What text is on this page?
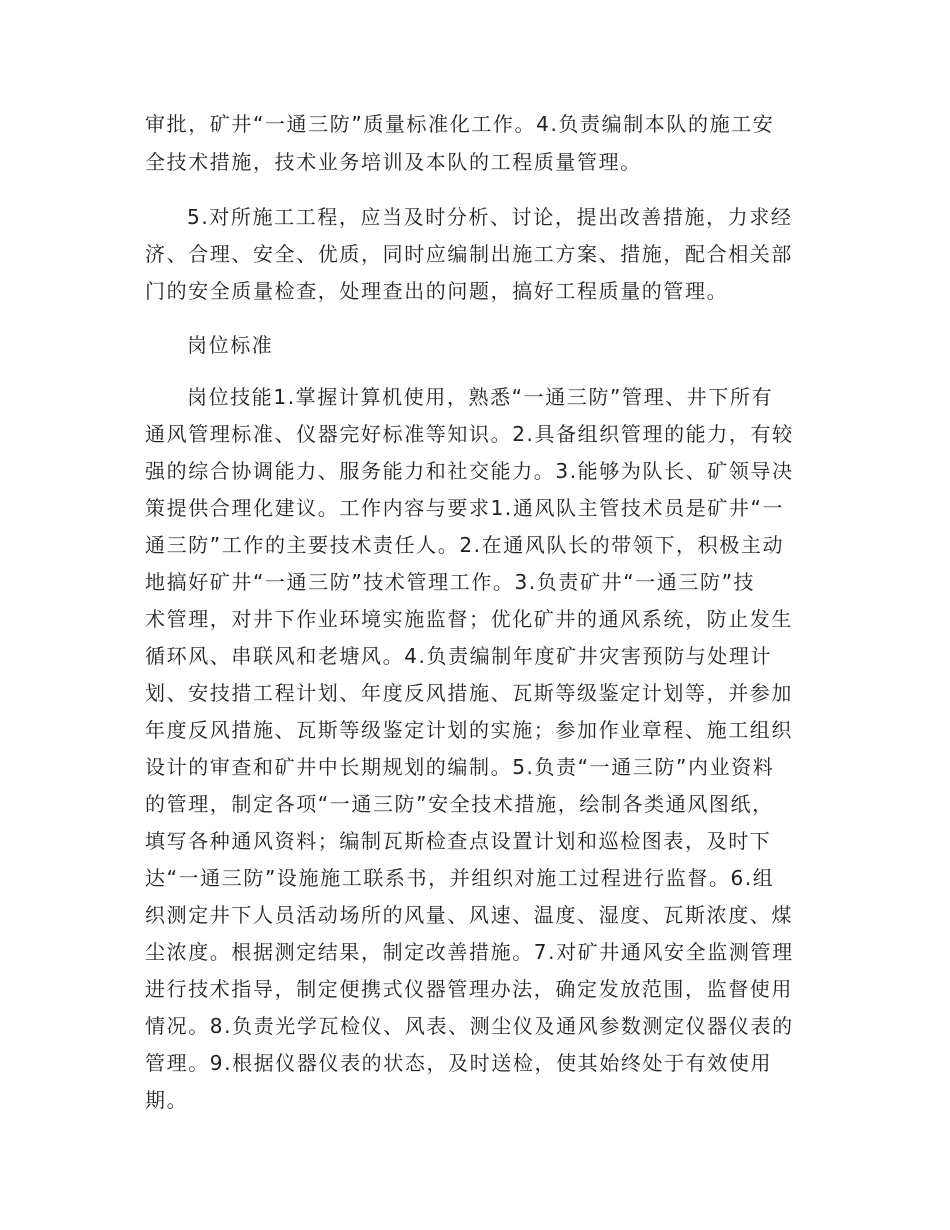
审批，矿井“一通三防”质量标准化工作。4.负责编制本队的施工安
全技术措施，技术业务培训及本队的工程质量管理。
5.对所施工工程，应当及时分析、讨论，提出改善措施，力求经
济、合理、安全、优质，同时应编制出施工方案、措施，配合相关部
门的安全质量检查，处理查出的问题，搞好工程质量的管理。
岗位标准
岗位技能1.掌握计算机使用，熟悉“一通三防”管理、井下所有
通风管理标准、仪器完好标准等知识。2.具备组织管理的能力，有较
强的综合协调能力、服务能力和社交能力。3.能够为队长、矿领导决
策提供合理化建议。工作内容与要求1.通风队主管技术员是矿井“一
通三防”工作的主要技术责任人。2.在通风队长的带领下，积极主动
地搞好矿井“一通三防”技术管理工作。3.负责矿井“一通三防”技
术管理，对井下作业环境实施监督；优化矿井的通风系统，防止发生
循环风、串联风和老塘风。4.负责编制年度矿井灾害预防与处理计
划、安技措工程计划、年度反风措施、瓦斯等级鉴定计划等，并参加
年度反风措施、瓦斯等级鉴定计划的实施；参加作业章程、施工组织
设计的审查和矿井中长期规划的编制。5.负责“一通三防”内业资料
的管理，制定各项“一通三防”安全技术措施，绘制各类通风图纸，
填写各种通风资料；编制瓦斯检查点设置计划和巡检图表，及时下
达“一通三防”设施施工联系书，并组织对施工过程进行监督。6.组
织测定井下人员活动场所的风量、风速、温度、湿度、瓦斯浓度、煤
尘浓度。根据测定结果，制定改善措施。7.对矿井通风安全监测管理
进行技术指导，制定便携式仪器管理办法，确定发放范围，监督使用
情况。8.负责光学瓦检仪、风表、测尘仪及通风参数测定仪器仪表的
管理。9.根据仪器仪表的状态，及时送检，使其始终处于有效使用
期。
